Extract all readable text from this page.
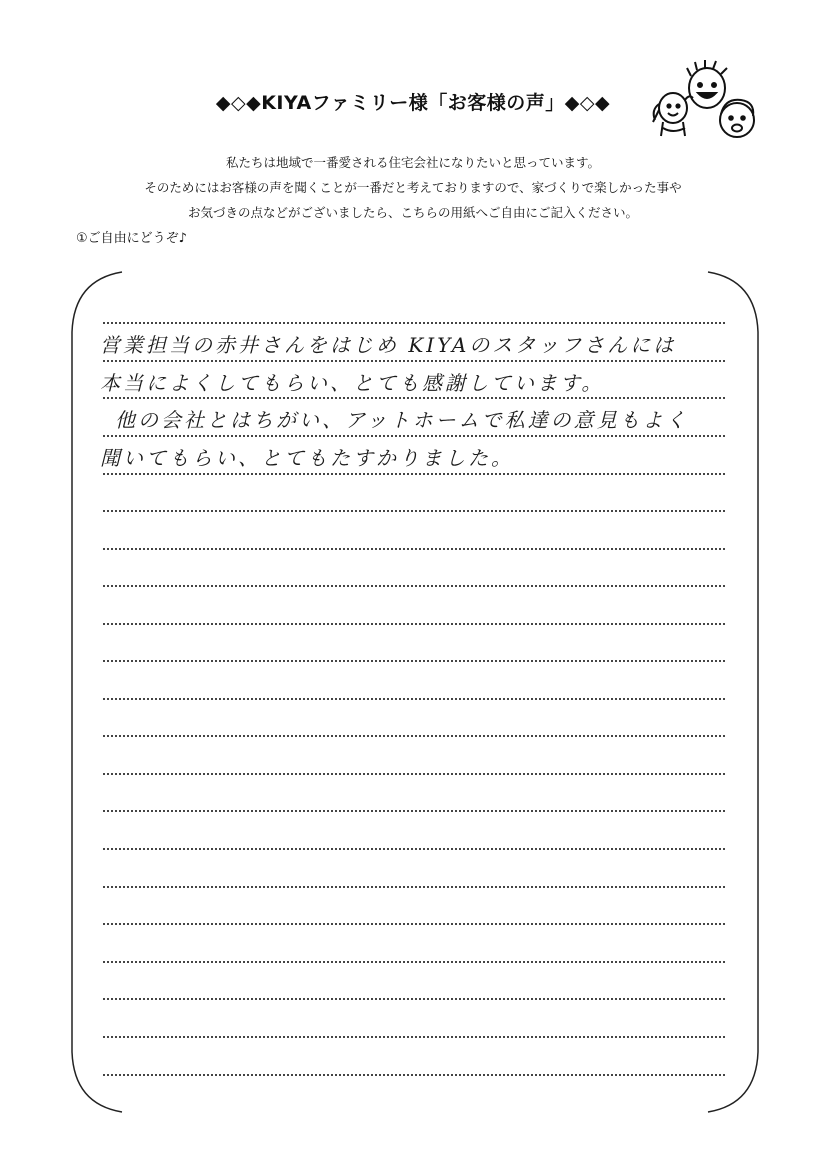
◆◇◆KIYAファミリー様「お客様の声」◆◇◆
私たちは地域で一番愛される住宅会社になりたいと思っています。
そのためにはお客様の声を聞くことが一番だと考えておりますので、家づくりで楽しかった事や
お気づきの点などがございましたら、こちらの用紙へご自由にご記入ください。
①ご自由にどうぞ♪
営業担当の赤井さんをはじめ KIYAのスタッフさんには
本当によくしてもらい、とても感謝しています。
他の会社とはちがい、アットホームで私達の意見もよく
聞いてもらい、とてもたすかりました。
